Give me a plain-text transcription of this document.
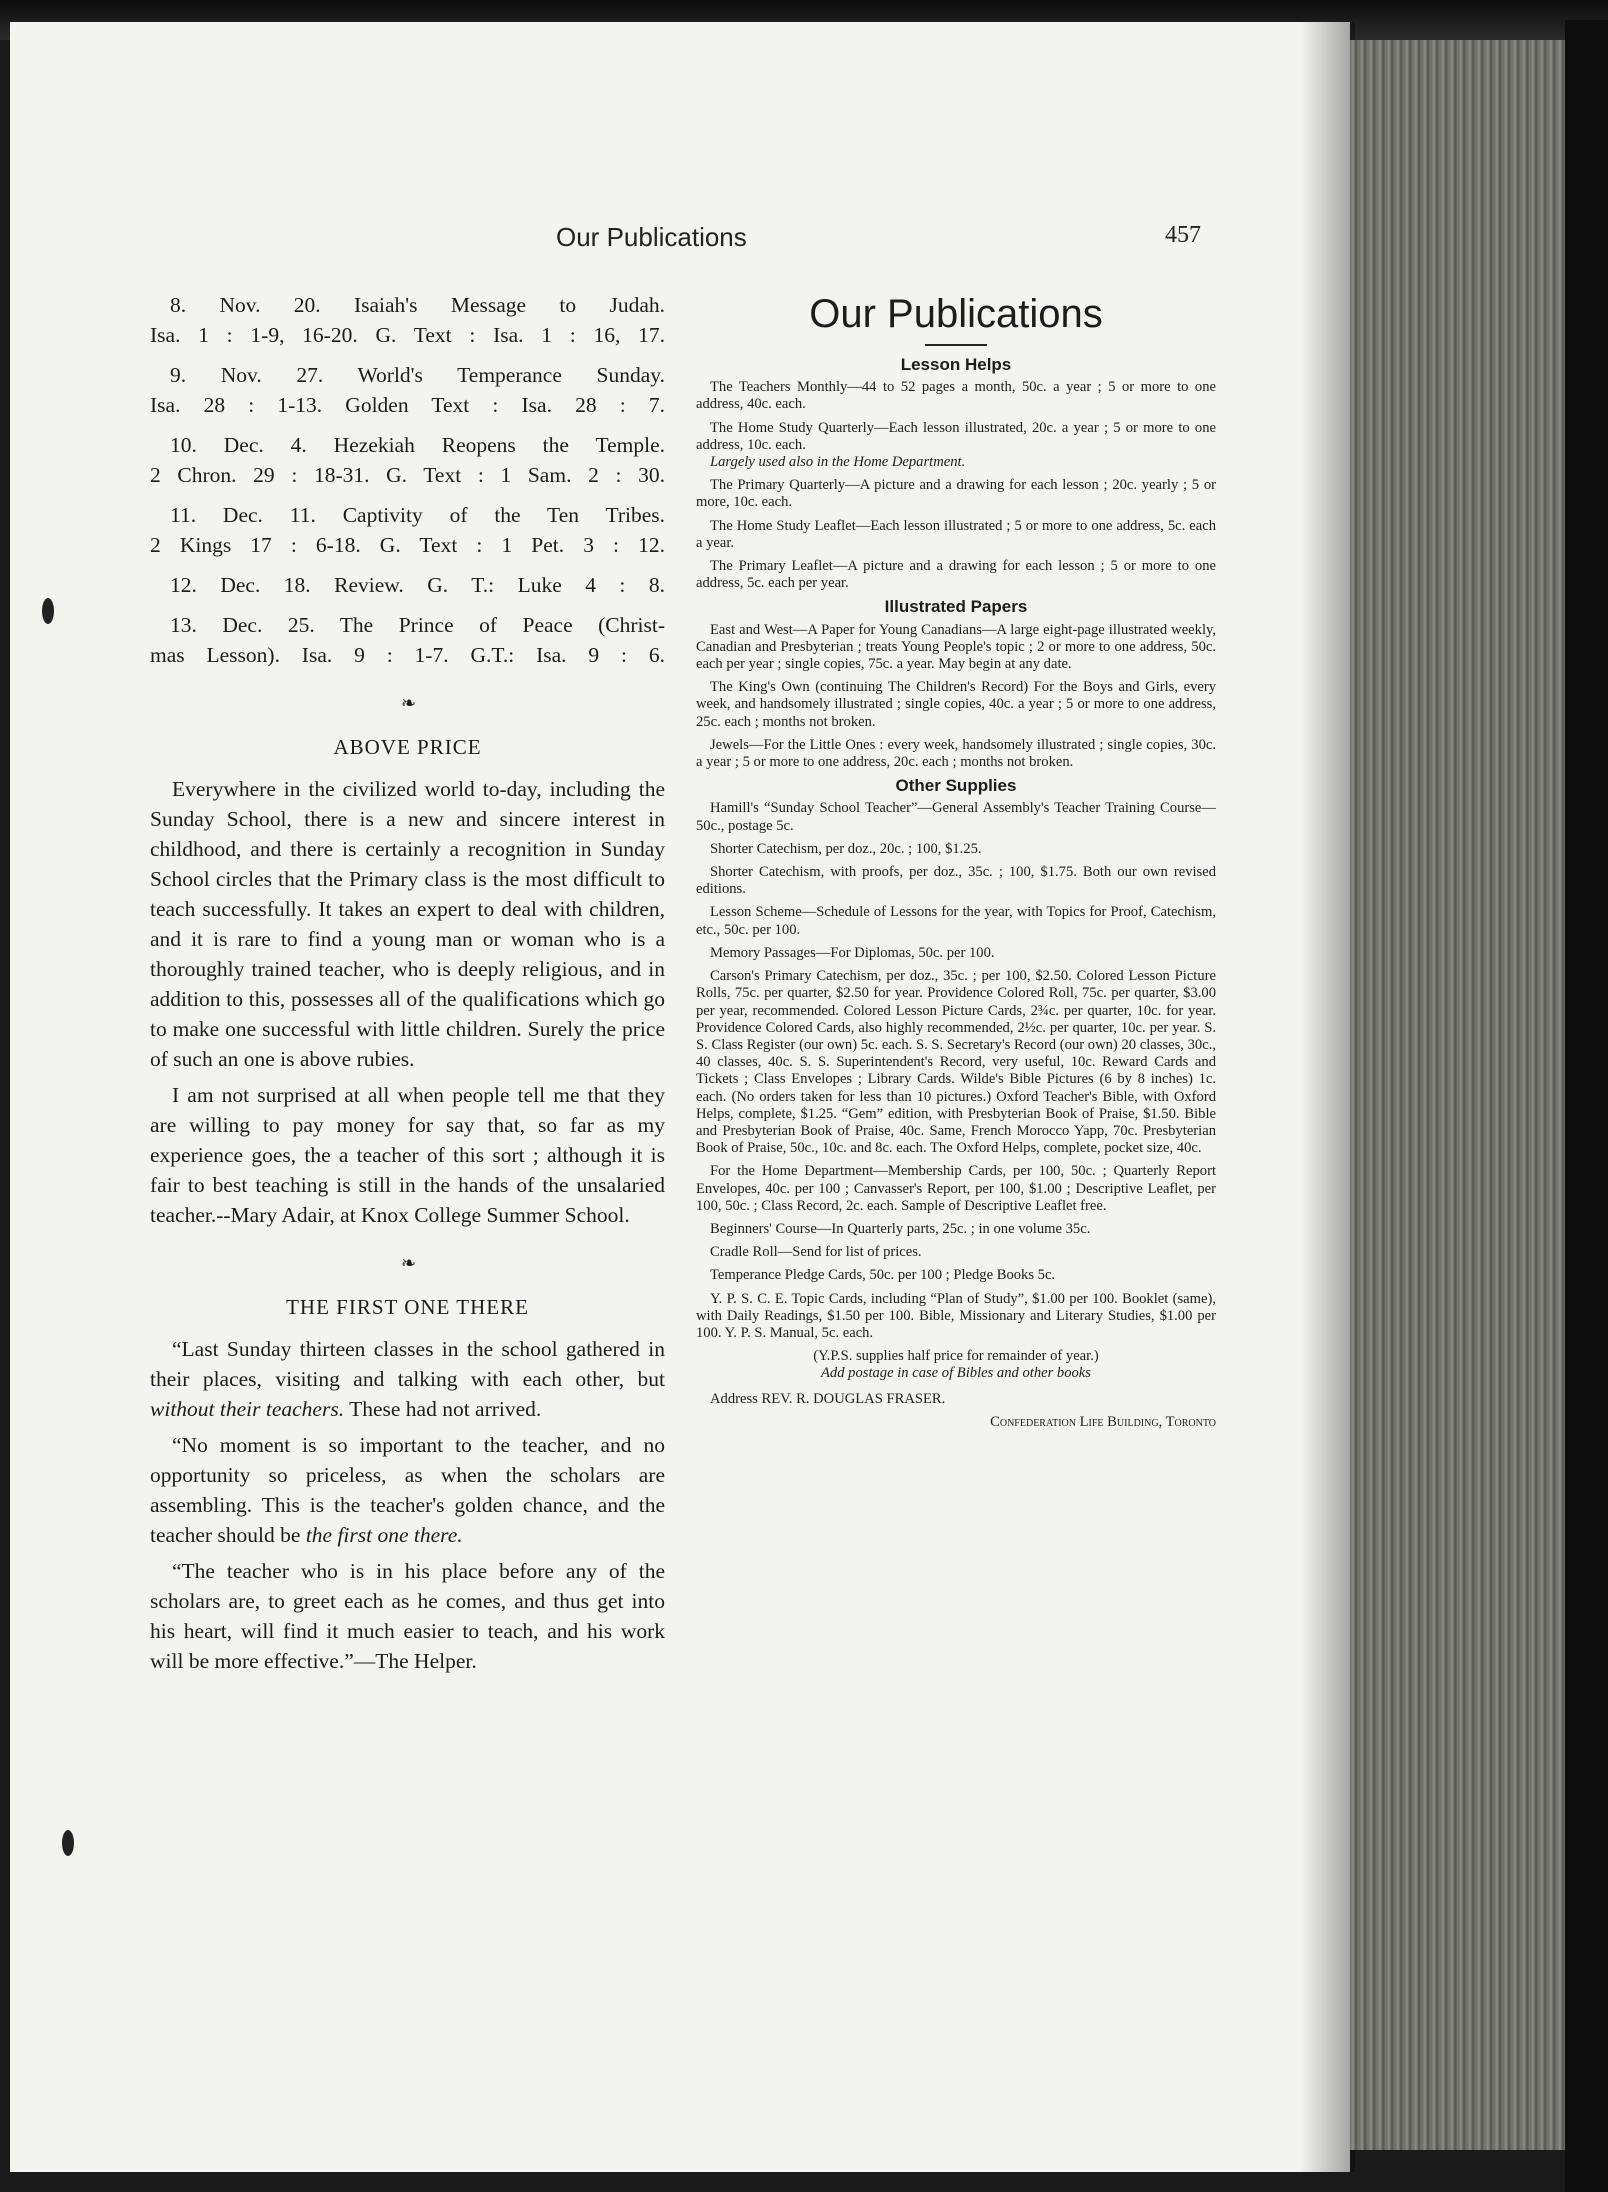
Our Publications	457

8. Nov. 20. Isaiah's Message to Judah.
Isa. 1 : 1-9, 16-20. G. Text : Isa. 1 : 16, 17.

9. Nov. 27. World's Temperance Sunday.
Isa. 28 : 1-13. Golden Text : Isa. 28 : 7.

10. Dec. 4. Hezekiah Reopens the Temple.
2 Chron. 29 : 18-31. G. Text : 1 Sam. 2 : 30.

11. Dec. 11. Captivity of the Ten Tribes.
2 Kings 17 : 6-18. G. Text : 1 Pet. 3 : 12.

12. Dec. 18. Review. G. T.: Luke 4 : 8.

13. Dec. 25. The Prince of Peace (Christ-
mas Lesson). Isa. 9 : 1-7. G.T.: Isa. 9 : 6.

❧
ABOVE PRICE

Everywhere in the civilized world to-day, including the Sunday School, there is a new and sincere interest in childhood, and there is certainly a recognition in Sunday School circles that the Primary class is the most difficult to teach successfully. It takes an expert to deal with children, and it is rare to find a young man or woman who is a thoroughly trained teacher, who is deeply religious, and in addition to this, possesses all of the qualifications which go to make one successful with little children. Surely the price of such an one is above rubies.

I am not surprised at all when people tell me that they are willing to pay money for say that, so far as my experience goes, the a teacher of this sort ; although it is fair to best teaching is still in the hands of the unsalaried teacher.--Mary Adair, at Knox College Summer School.

❧
THE FIRST ONE THERE

“Last Sunday thirteen classes in the school gathered in their places, visiting and talking with each other, but without their teachers. These had not arrived.

“No moment is so important to the teacher, and no opportunity so priceless, as when the scholars are assembling. This is the teacher's golden chance, and the teacher should be the first one there.

“The teacher who is in his place before any of the scholars are, to greet each as he comes, and thus get into his heart, will find it much easier to teach, and his work will be more effective.”—The Helper.

Our Publications
Lesson Helps

The Teachers Monthly—44 to 52 pages a month, 50c. a year ; 5 or more to one address, 40c. each.

The Home Study Quarterly—Each lesson illustrated, 20c. a year ; 5 or more to one address, 10c. each.

Largely used also in the Home Department.

The Primary Quarterly—A picture and a drawing for each lesson ; 20c. yearly ; 5 or more, 10c. each.

The Home Study Leaflet—Each lesson illustrated ; 5 or more to one address, 5c. each a year.

The Primary Leaflet—A picture and a drawing for each lesson ; 5 or more to one address, 5c. each per year.

Illustrated Papers

East and West—A Paper for Young Canadians—A large eight-page illustrated weekly, Canadian and Presbyterian ; treats Young People's topic ; 2 or more to one address, 50c. each per year ; single copies, 75c. a year. May begin at any date.

The King's Own (continuing The Children's Record) For the Boys and Girls, every week, and handsomely illustrated ; single copies, 40c. a year ; 5 or more to one address, 25c. each ; months not broken.

Jewels—For the Little Ones : every week, handsomely illustrated ; single copies, 30c. a year ; 5 or more to one address, 20c. each ; months not broken.

Other Supplies

Hamill's “Sunday School Teacher”—General Assembly's Teacher Training Course—50c., postage 5c.

Shorter Catechism, per doz., 20c. ; 100, $1.25.

Shorter Catechism, with proofs, per doz., 35c. ; 100, $1.75. Both our own revised editions.

Lesson Scheme—Schedule of Lessons for the year, with Topics for Proof, Catechism, etc., 50c. per 100.

Memory Passages—For Diplomas, 50c. per 100.

Carson's Primary Catechism, per doz., 35c. ; per 100, $2.50. Colored Lesson Picture Rolls, 75c. per quarter, $2.50 for year. Providence Colored Roll, 75c. per quarter, $3.00 per year, recommended. Colored Lesson Picture Cards, 2¾c. per quarter, 10c. for year. Providence Colored Cards, also highly recommended, 2½c. per quarter, 10c. per year. S. S. Class Register (our own) 5c. each. S. S. Secretary's Record (our own) 20 classes, 30c., 40 classes, 40c. S. S. Superintendent's Record, very useful, 10c. Reward Cards and Tickets ; Class Envelopes ; Library Cards. Wilde's Bible Pictures (6 by 8 inches) 1c. each. (No orders taken for less than 10 pictures.) Oxford Teacher's Bible, with Oxford Helps, complete, $1.25. “Gem” edition, with Presbyterian Book of Praise, $1.50. Bible and Presbyterian Book of Praise, 40c. Same, French Morocco Yapp, 70c. Presbyterian Book of Praise, 50c., 10c. and 8c. each. The Oxford Helps, complete, pocket size, 40c.

For the Home Department—Membership Cards, per 100, 50c. ; Quarterly Report Envelopes, 40c. per 100 ; Canvasser's Report, per 100, $1.00 ; Descriptive Leaflet, per 100, 50c. ; Class Record, 2c. each. Sample of Descriptive Leaflet free.

Beginners' Course—In Quarterly parts, 25c. ; in one volume 35c.

Cradle Roll—Send for list of prices.

Temperance Pledge Cards, 50c. per 100 ; Pledge Books 5c.

Y. P. S. C. E. Topic Cards, including “Plan of Study”, $1.00 per 100. Booklet (same), with Daily Readings, $1.50 per 100. Bible, Missionary and Literary Studies, $1.00 per 100. Y. P. S. Manual, 5c. each.

(Y.P.S. supplies half price for remainder of year.)

Add postage in case of Bibles and other books

Address REV. R. DOUGLAS FRASER.

Confederation Life Building, Toronto
